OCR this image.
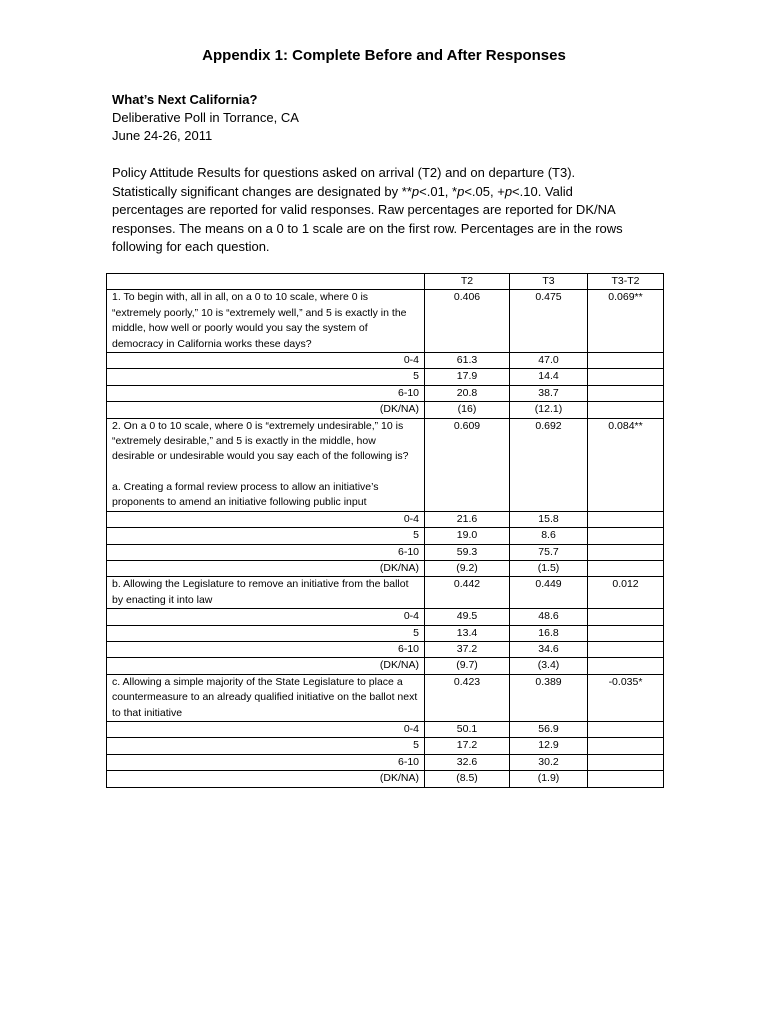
Appendix 1: Complete Before and After Responses
What’s Next California?
Deliberative Poll in Torrance, CA
June 24-26, 2011
Policy Attitude Results for questions asked on arrival (T2) and on departure (T3).
Statistically significant changes are designated by **p<.01, *p<.05, +p<.10. Valid
percentages are reported for valid responses. Raw percentages are reported for DK/NA
responses. The means on a 0 to 1 scale are on the first row. Percentages are in the rows
following for each question.
	T2	T3	T3-T2
1. To begin with, all in all, on a 0 to 10 scale, where 0 is “extremely poorly,” 10 is “extremely well,” and 5 is exactly in the middle, how well or poorly would you say the system of democracy in California works these days?	0.406	0.475	0.069**
0-4	61.3	47.0	
5	17.9	14.4	
6-10	20.8	38.7	
(DK/NA)	(16)	(12.1)	
2. On a 0 to 10 scale, where 0 is “extremely undesirable,” 10 is “extremely desirable,” and 5 is exactly in the middle, how desirable or undesirable would you say each of the following is?
a. Creating a formal review process to allow an initiative’s proponents to amend an initiative following public input	0.609	0.692	0.084**
0-4	21.6	15.8	
5	19.0	8.6	
6-10	59.3	75.7	
(DK/NA)	(9.2)	(1.5)	
b. Allowing the Legislature to remove an initiative from the ballot by enacting it into law	0.442	0.449	0.012
0-4	49.5	48.6	
5	13.4	16.8	
6-10	37.2	34.6	
(DK/NA)	(9.7)	(3.4)	
c. Allowing a simple majority of the State Legislature to place a countermeasure to an already qualified initiative on the ballot next to that initiative	0.423	0.389	-0.035*
0-4	50.1	56.9	
5	17.2	12.9	
6-10	32.6	30.2	
(DK/NA)	(8.5)	(1.9)	
